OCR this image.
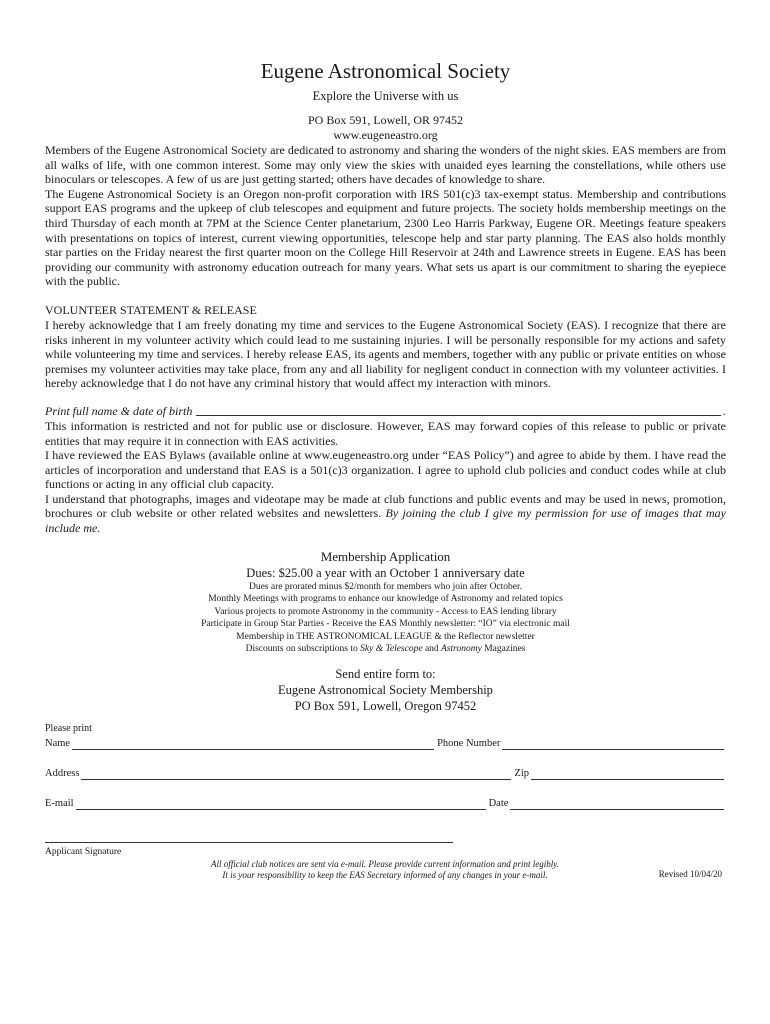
Eugene Astronomical Society
Explore the Universe with us
PO Box 591, Lowell, OR 97452
www.eugeneastro.org

Members of the Eugene Astronomical Society are dedicated to astronomy and sharing the wonders of the night skies. EAS members are from all walks of life, with one common interest. Some may only view the skies with unaided eyes learning the constellations, while others use binoculars or telescopes. A few of us are just getting started; others have decades of knowledge to share.

The Eugene Astronomical Society is an Oregon non-profit corporation with IRS 501(c)3 tax-exempt status. Membership and contributions support EAS programs and the upkeep of club telescopes and equipment and future projects. The society holds membership meetings on the third Thursday of each month at 7PM at the Science Center planetarium, 2300 Leo Harris Parkway, Eugene OR. Meetings feature speakers with presentations on topics of interest, current viewing opportunities, telescope help and star party planning. The EAS also holds monthly star parties on the Friday nearest the first quarter moon on the College Hill Reservoir at 24th and Lawrence streets in Eugene. EAS has been providing our community with astronomy education outreach for many years. What sets us apart is our commitment to sharing the eyepiece with the public.

VOLUNTEER STATEMENT & RELEASE

I hereby acknowledge that I am freely donating my time and services to the Eugene Astronomical Society (EAS). I recognize that there are risks inherent in my volunteer activity which could lead to me sustaining injuries. I will be personally responsible for my actions and safety while volunteering my time and services. I hereby release EAS, its agents and members, together with any public or private entities on whose premises my volunteer activities may take place, from any and all liability for negligent conduct in connection with my volunteer activities. I hereby acknowledge that I do not have any criminal history that would affect my interaction with minors.

Print full name & date of birth	.

This information is restricted and not for public use or disclosure. However, EAS may forward copies of this release to public or private entities that may require it in connection with EAS activities.

I have reviewed the EAS Bylaws (available online at www.eugeneastro.org under “EAS Policy”) and agree to abide by them. I have read the articles of incorporation and understand that EAS is a 501(c)3 organization. I agree to uphold club policies and conduct codes while at club functions or acting in any official club capacity.

I understand that photographs, images and videotape may be made at club functions and public events and may be used in news, promotion, brochures or club website or other related websites and newsletters. By joining the club I give my permission for use of images that may include me.

Membership Application
Dues: $25.00 a year with an October 1 anniversary date
Dues are prorated minus $2/month for members who join after October.
Monthly Meetings with programs to enhance our knowledge of Astronomy and related topics
Various projects to promote Astronomy in the community - Access to EAS lending library
Participate in Group Star Parties - Receive the EAS Monthly newsletter: “IO” via electronic mail
Membership in THE ASTRONOMICAL LEAGUE & the Reflector newsletter
Discounts on subscriptions to Sky & Telescope and Astronomy Magazines
Send entire form to:
Eugene Astronomical Society Membership
PO Box 591, Lowell, Oregon 97452
Please print
Name	Phone Number
Address	Zip
E-mail	Date
Applicant Signature
All official club notices are sent via e-mail. Please provide current information and print legibly.
It is your responsibility to keep the EAS Secretary informed of any changes in your e-mail.	Revised 10/04/20
